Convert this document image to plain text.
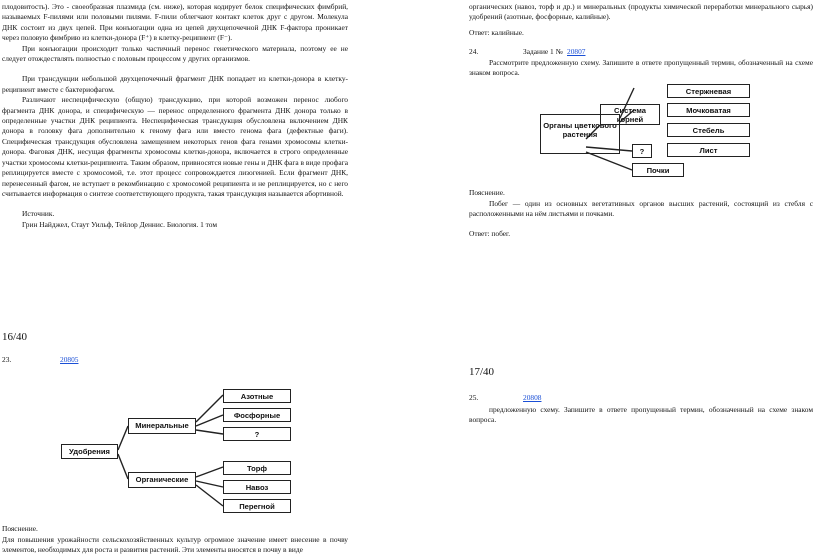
плодовитость). Это - своеобразная плазмида (см. ниже), которая кодирует белок специфических фимбрий, называемых F-пилями или половыми пилями. F-пили облегчают контакт клеток друг с другом. Молекула ДНК состоит из двух цепей. При конъюгации одна из цепей двухцепочечной ДНК F-фактора проникает через половую фимбрию из клетки-донора (F⁺) в клетку-реципиент (F⁻).

При конъюгации происходит только частичный перенос генетического материала, поэтому ее не следует отождествлять полностью с половым процессом у других организмов.

При трансдукции небольшой двухцепочечный фрагмент ДНК попадает из клетки-донора в клетку-реципиент вместе с бактериофагом.

Различают неспецифическую (общую) трансдукцию, при которой возможен перенос любого фрагмента ДНК донора, и специфическую — перенос определенного фрагмента ДНК донора только в определенные участки ДНК реципиента. Неспецифическая трансдукция обусловлена включением ДНК донора в головку фага дополнительно к геному фага или вместо генома фага (дефектные фаги). Специфическая трансдукция обусловлена замещением некоторых генов фага генами хромосомы клетки-донора. Фаговая ДНК, несущая фрагменты хромосомы клетки-донора, включается в строго определенные участки хромосомы клетки-реципиента. Таким образом, привносятся новые гены и ДНК фага в виде профага реплицируется вместе с хромосомой, т.е. этот процесс сопровождается лизогенией. Если фрагмент ДНК, перенесенный фагом, не вступает в рекомбинацию с хромосомой реципиента и не реплицируется, но с него считывается информация о синтезе соответствующего продукта, такая трансдукция называется абортивной.

Источник.

Грин Найджел, Стаут Уильф, Тейлор Деннис. Биология. 1 том

16/40
23.	20805
Удобрения
Минеральные
Органические
Азотные
Фосфорные
?
Торф
Навоз
Перегной
Пояснение.
Для повышения урожайности сельскохозяйственных культур огромное значение имеет внесение в почву элементов, необходимых для роста и развития растений. Эти элементы вносятся в почву в виде
органических (навоз, торф и др.) и минеральных (продукты химической переработки минерального сырья) удобрений (азотные, фосфорные, калийные).
Ответ: калийные.
24.	Задание 1 № 20807
Рассмотрите предложенную схему. Запишите в ответе пропущенный термин, обозначенный на схеме знаком вопроса.
Органы цветкового растения
Система корней
Стержневая
Мочковатая
Стебель
?	Лист
Почки
Пояснение.
Побег — один из основных вегетативных органов высших растений, состоящий из стебля с расположенными на нём листьями и почками.
Ответ: побег.
17/40
25.	20808
предложенную схему. Запишите в ответе пропущенный термин, обозначенный на схеме знаком вопроса.
